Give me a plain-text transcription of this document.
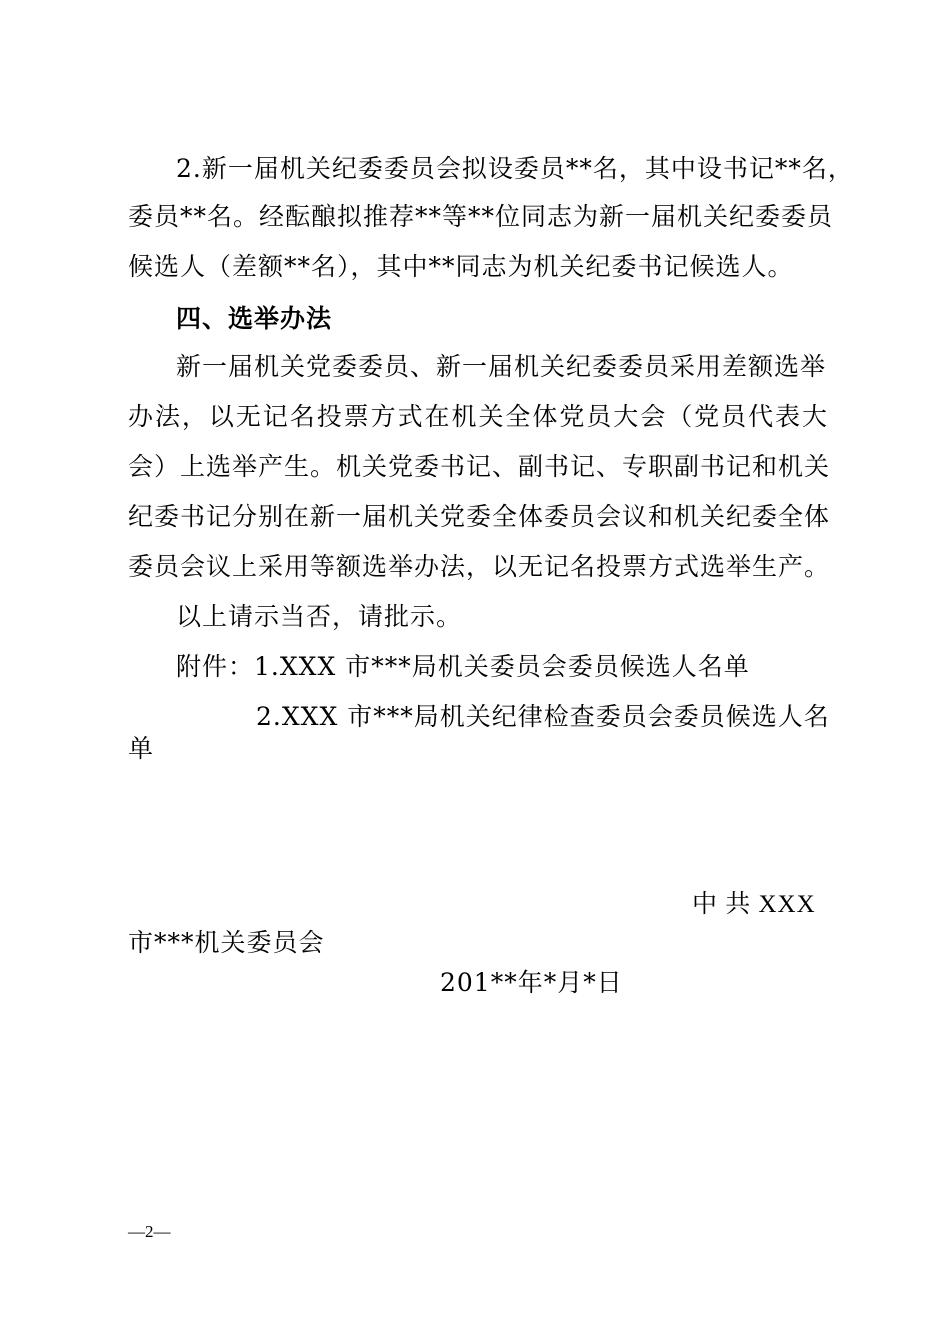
2.新一届机关纪委委员会拟设委员**名，其中设书记**名，
委员**名。经酝酿拟推荐**等**位同志为新一届机关纪委委员
候选人（差额**名），其中**同志为机关纪委书记候选人。
四、选举办法
新一届机关党委委员、新一届机关纪委委员采用差额选举
办法，以无记名投票方式在机关全体党员大会（党员代表大
会）上选举产生。机关党委书记、副书记、专职副书记和机关
纪委书记分别在新一届机关党委全体委员会议和机关纪委全体
委员会议上采用等额选举办法，以无记名投票方式选举生产。
以上请示当否，请批示。
附件：1.XXX 市***局机关委员会委员候选人名单
2.XXX 市***局机关纪律检查委员会委员候选人名
单
中 共 XXX
市***机关委员会
201**年*月*日
—2—
